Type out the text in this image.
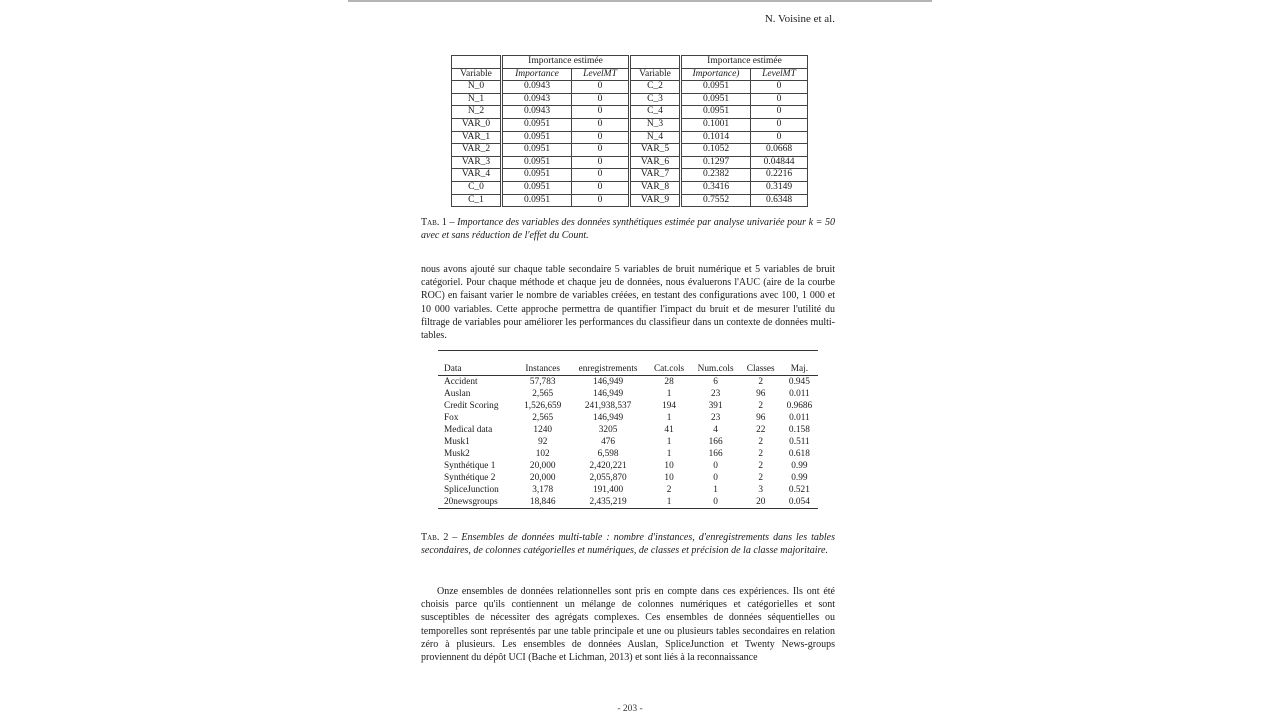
N. Voisine et al.
	Importance estimée			Importance estimée	
Variable	Importance	LevelMT	Variable	Importance)	LevelMT
N_0	0.0943	0	C_2	0.0951	0
N_1	0.0943	0	C_3	0.0951	0
N_2	0.0943	0	C_4	0.0951	0
VAR_0	0.0951	0	N_3	0.1001	0
VAR_1	0.0951	0	N_4	0.1014	0
VAR_2	0.0951	0	VAR_5	0.1052	0.0668
VAR_3	0.0951	0	VAR_6	0.1297	0.04844
VAR_4	0.0951	0	VAR_7	0.2382	0.2216
C_0	0.0951	0	VAR_8	0.3416	0.3149
C_1	0.0951	0	VAR_9	0.7552	0.6348
Tab. 1 – Importance des variables des données synthétiques estimée par analyse univariée pour k = 50 avec et sans réduction de l'effet du Count.
nous avons ajouté sur chaque table secondaire 5 variables de bruit numérique et 5 variables de bruit catégoriel. Pour chaque méthode et chaque jeu de données, nous évaluerons l'AUC (aire de la courbe ROC) en faisant varier le nombre de variables créées, en testant des configurations avec 100, 1 000 et 10 000 variables. Cette approche permettra de quantifier l'impact du bruit et de mesurer l'utilité du filtrage de variables pour améliorer les performances du classifieur dans un contexte de données multi-tables.
Data	Instances	enregistrements	Cat.cols	Num.cols	Classes	Maj.
Accident	57,783	146,949	28	6	2	0.945
Auslan	2,565	146,949	1	23	96	0.011
Credit Scoring	1,526,659	241,938,537	194	391	2	0.9686
Fox	2,565	146,949	1	23	96	0.011
Medical data	1240	3205	41	4	22	0.158
Musk1	92	476	1	166	2	0.511
Musk2	102	6,598	1	166	2	0.618
Synthétique 1	20,000	2,420,221	10	0	2	0.99
Synthétique 2	20,000	2,055,870	10	0	2	0.99
SpliceJunction	3,178	191,400	2	1	3	0.521
20newsgroups	18,846	2,435,219	1	0	20	0.054
Tab. 2 – Ensembles de données multi-table : nombre d'instances, d'enregistrements dans les tables secondaires, de colonnes catégorielles et numériques, de classes et précision de la classe majoritaire.
Onze ensembles de données relationnelles sont pris en compte dans ces expériences. Ils ont été choisis parce qu'ils contiennent un mélange de colonnes numériques et catégorielles et sont susceptibles de nécessiter des agrégats complexes. Ces ensembles de données séquentielles ou temporelles sont représentés par une table principale et une ou plusieurs tables secondaires en relation zéro à plusieurs. Les ensembles de données Auslan, SpliceJunction et Twenty News-groups proviennent du dépôt UCI (Bache et Lichman, 2013) et sont liés à la reconnaissance
- 203 -
